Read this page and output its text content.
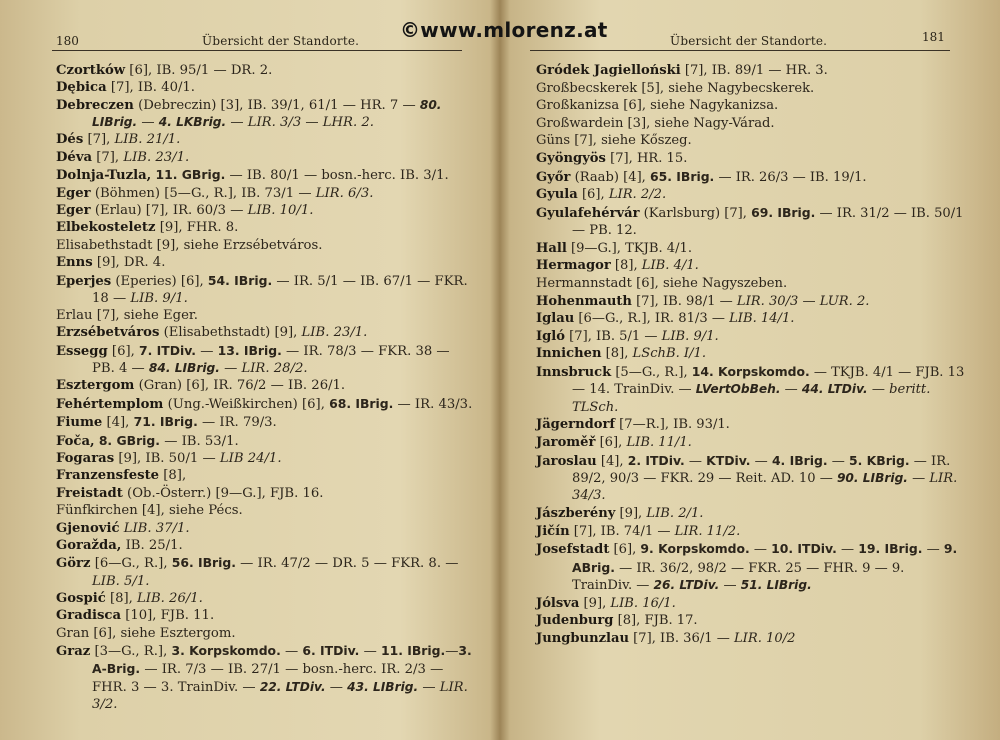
©www.mlorenz.at
180	Übersicht der Standorte.
Czortków [6], IB. 95/1 — DR. 2.
Dębica [7], IB. 40/1.
Debreczen (Debreczin) [3], IB. 39/1, 61/1 — HR. 7 — 80. LIBrig. — 4. LKBrig. — LIR. 3/3 — LHR. 2.
Dés [7], LIB. 21/1.
Déva [7], LIB. 23/1.
Dolnja-Tuzla, 11. GBrig. — IB. 80/1 — bosn.-herc. IB. 3/1.
Eger (Böhmen) [5—G., R.], IB. 73/1 — LIR. 6/3.
Eger (Erlau) [7], IR. 60/3 — LIB. 10/1.
Elbekosteletz [9], FHR. 8.
Elisabethstadt [9], siehe Erzsébetváros.
Enns [9], DR. 4.
Eperjes (Eperies) [6], 54. IBrig. — IR. 5/1 — IB. 67/1 — FKR. 18 — LIB. 9/1.
Erlau [7], siehe Eger.
Erzsébetváros (Elisabethstadt) [9], LIB. 23/1.
Essegg [6], 7. ITDiv. — 13. IBrig. — IR. 78/3 — FKR. 38 — PB. 4 — 84. LIBrig. — LIR. 28/2.
Esztergom (Gran) [6], IR. 76/2 — IB. 26/1.
Fehértemplom (Ung.-Weißkirchen) [6], 68. IBrig. — IR. 43/3.
Fiume [4], 71. IBrig. — IR. 79/3.
Foča, 8. GBrig. — IB. 53/1.
Fogaras [9], IB. 50/1 — LIB 24/1.
Franzensfeste [8],
Freistadt (Ob.-Österr.) [9—G.], FJB. 16.
Fünfkirchen [4], siehe Pécs.
Gjenović LIB. 37/1.
Goražda, IB. 25/1.
Görz [6—G., R.], 56. IBrig. — IR. 47/2 — DR. 5 — FKR. 8. — LIB. 5/1.
Gospić [8], LIB. 26/1.
Gradisca [10], FJB. 11.
Gran [6], siehe Esztergom.
Graz [3—G., R.], 3. Korpskomdo. — 6. ITDiv. — 11. IBrig.—3. A-Brig. — IR. 7/3 — IB. 27/1 — bosn.-herc. IR. 2/3 — FHR. 3 — 3. TrainDiv. — 22. LTDiv. — 43. LIBrig. — LIR. 3/2.
Übersicht der Standorte.	181
Gródek Jagielloński [7], IB. 89/1 — HR. 3.
Großbecskerek [5], siehe Nagybecskerek.
Großkanizsa [6], siehe Nagykanizsa.
Großwardein [3], siehe Nagy-Várad.
Güns [7], siehe Kőszeg.
Gyöngyös [7], HR. 15.
Győr (Raab) [4], 65. IBrig. — IR. 26/3 — IB. 19/1.
Gyula [6], LIR. 2/2.
Gyulafehérvár (Karlsburg) [7], 69. IBrig. — IR. 31/2 — IB. 50/1 — PB. 12.
Hall [9—G.], TKJB. 4/1.
Hermagor [8], LIB. 4/1.
Hermannstadt [6], siehe Nagyszeben.
Hohenmauth [7], IB. 98/1 — LIR. 30/3 — LUR. 2.
Iglau [6—G., R.], IR. 81/3 — LIB. 14/1.
Igló [7], IB. 5/1 — LIB. 9/1.
Innichen [8], LSchB. I/1.
Innsbruck [5—G., R.], 14. Korpskomdo. — TKJB. 4/1 — FJB. 13 — 14. TrainDiv. — LVertObBeh. — 44. LTDiv. — beritt. TLSch.
Jägerndorf [7—R.], IB. 93/1.
Jaroměř [6], LIB. 11/1.
Jaroslau [4], 2. ITDiv. — KTDiv. — 4. IBrig. — 5. KBrig. — IR. 89/2, 90/3 — FKR. 29 — Reit. AD. 10 — 90. LIBrig. — LIR. 34/3.
Jászberény [9], LIB. 2/1.
Jičín [7], IB. 74/1 — LIR. 11/2.
Josefstadt [6], 9. Korpskomdo. — 10. ITDiv. — 19. IBrig. — 9. ABrig. — IR. 36/2, 98/2 — FKR. 25 — FHR. 9 — 9. TrainDiv. — 26. LTDiv. — 51. LIBrig.
Jólsva [9], LIB. 16/1.
Judenburg [8], FJB. 17.
Jungbunzlau [7], IB. 36/1 — LIR. 10/2
